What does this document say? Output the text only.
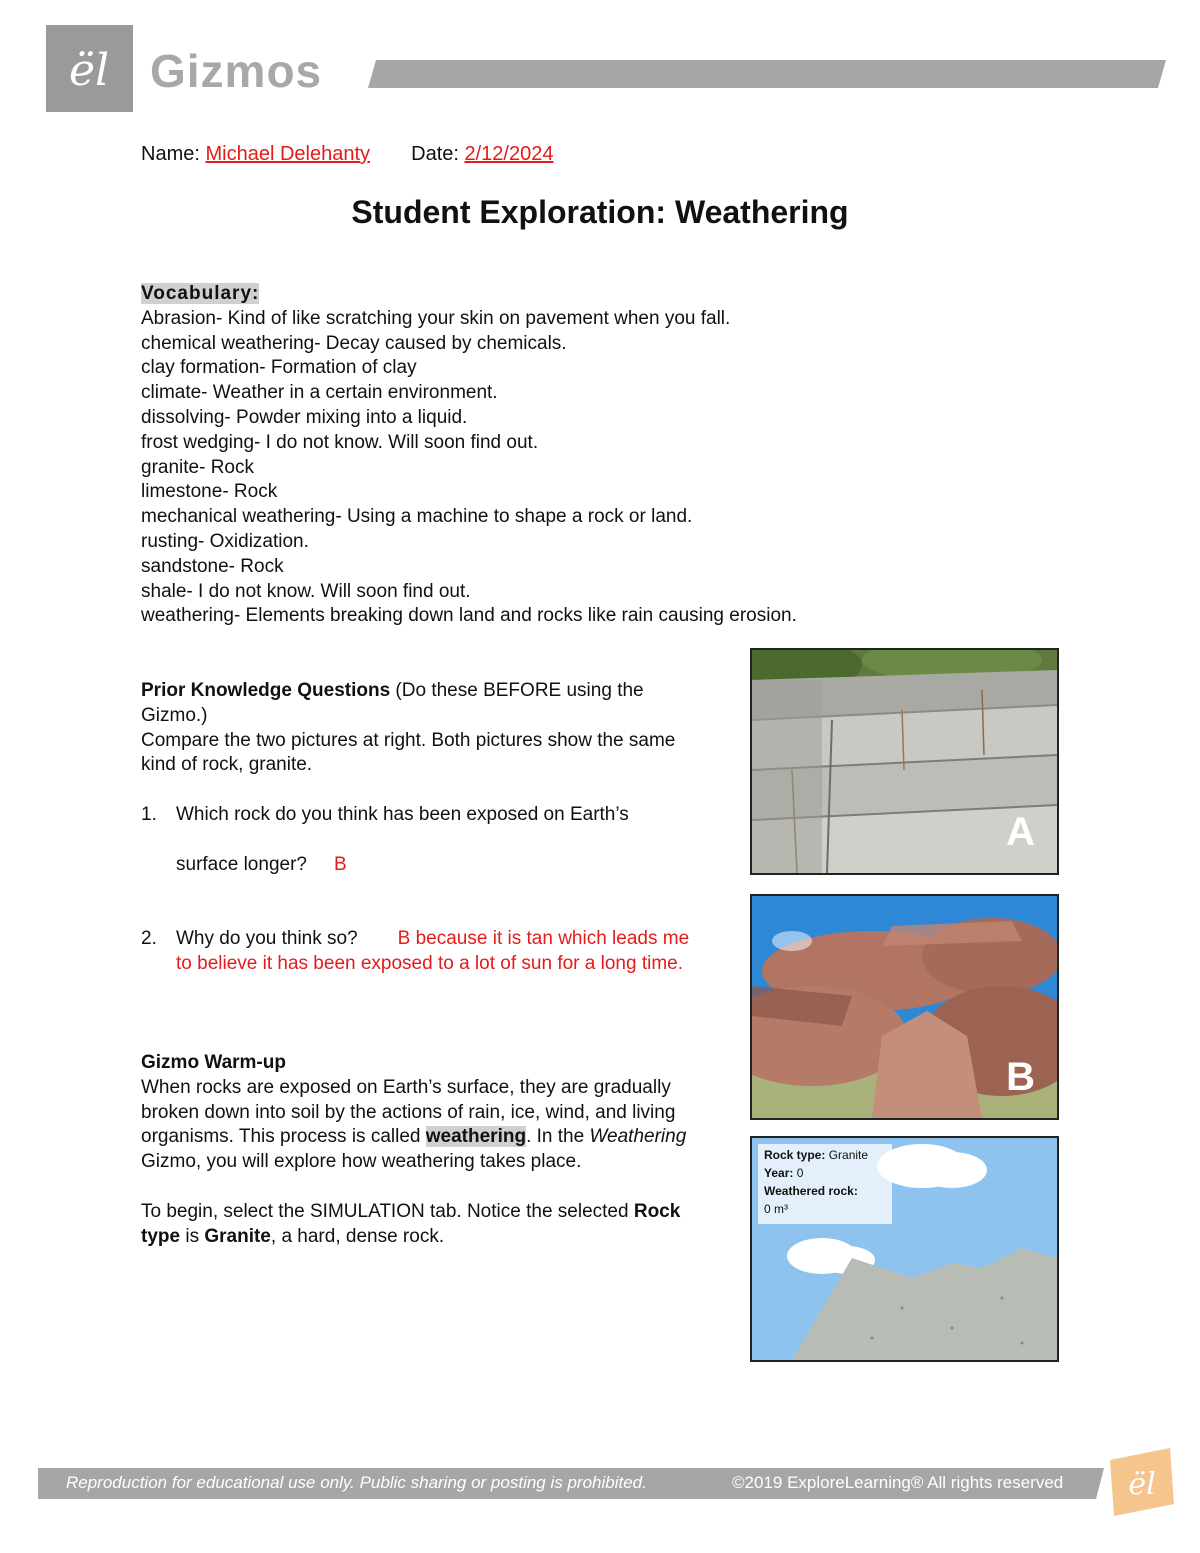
ël Gizmos
Name: Michael Delehanty Date: 2/12/2024
Student Exploration: Weathering
Vocabulary:
Abrasion- Kind of like scratching your skin on pavement when you fall.
chemical weathering- Decay caused by chemicals.
clay formation- Formation of clay
climate- Weather in a certain environment.
dissolving- Powder mixing into a liquid.
frost wedging- I do not know. Will soon find out.
granite- Rock
limestone- Rock
mechanical weathering- Using a machine to shape a rock or land.
rusting- Oxidization.
sandstone- Rock
shale- I do not know. Will soon find out.
weathering- Elements breaking down land and rocks like rain causing erosion.
Prior Knowledge Questions (Do these BEFORE using the Gizmo.)
Compare the two pictures at right. Both pictures show the same kind of rock, granite.
1. Which rock do you think has been exposed on Earth’s
surface longer? B
2. Why do you think so? B because it is tan which leads me to believe it has been exposed to a lot of sun for a long time.
Gizmo Warm-up
When rocks are exposed on Earth’s surface, they are gradually broken down into soil by the actions of rain, ice, wind, and living organisms. This process is called weathering. In the Weathering Gizmo, you will explore how weathering takes place.
To begin, select the SIMULATION tab. Notice the selected Rock type is Granite, a hard, dense rock.
A
B
Rock type: Granite
Year: 0
Weathered rock:
0 m³
Reproduction for educational use only. Public sharing or posting is prohibited.	©2019 ExploreLearning® All rights reserved ël
